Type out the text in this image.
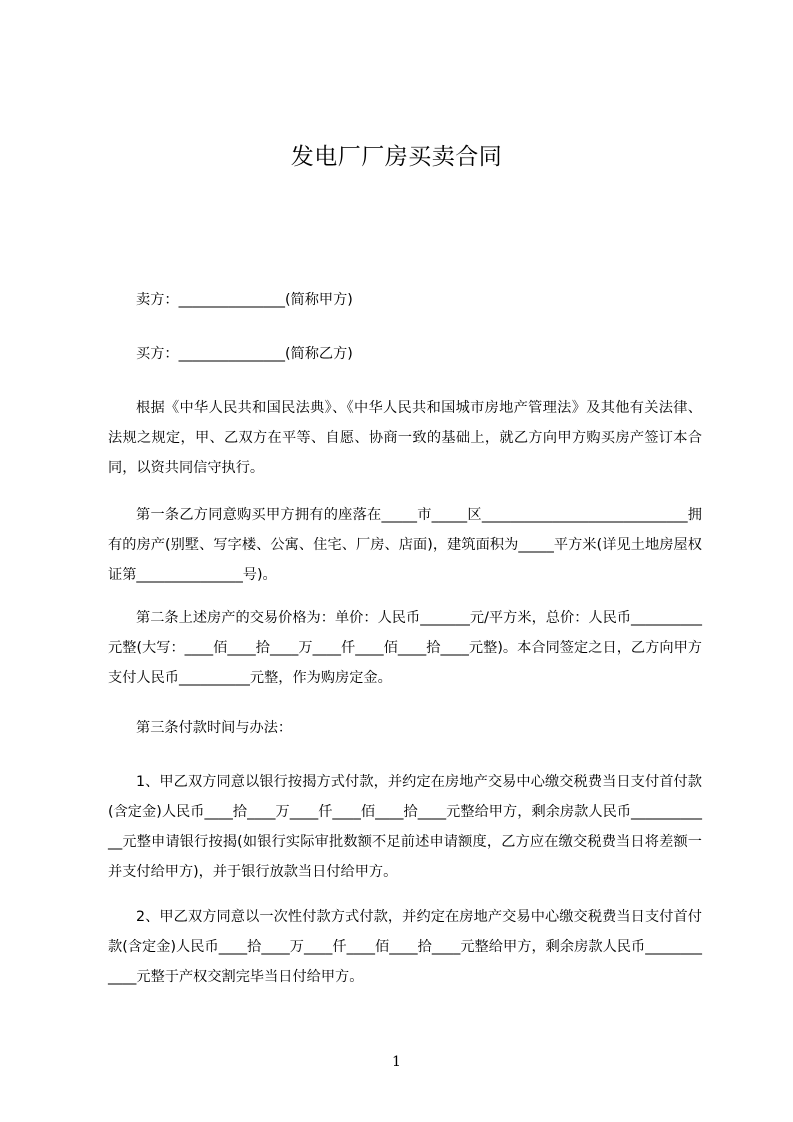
发电厂厂房买卖合同

卖方：_______________(简称甲方)

买方：_______________(简称乙方)

根据《中华人民共和国民法典》、《中华人民共和国城市房地产管理法》及其他有关法律、法规之规定，甲、乙双方在平等、自愿、协商一致的基础上，就乙方向甲方购买房产签订本合同，以资共同信守执行。

第一条乙方同意购买甲方拥有的座落在_____市_____区_____________________________拥有的房产(别墅、写字楼、公寓、住宅、厂房、店面)，建筑面积为_____平方米(详见土地房屋权证第_______________号)。

第二条上述房产的交易价格为：单价：人民币_______元/平方米，总价：人民币__________元整(大写：____佰____拾____万____仟____佰____拾____元整)。本合同签定之日，乙方向甲方支付人民币__________元整，作为购房定金。

第三条付款时间与办法：

1、甲乙双方同意以银行按揭方式付款，并约定在房地产交易中心缴交税费当日支付首付款(含定金)人民币____拾____万____仟____佰____拾____元整给甲方，剩余房款人民币____________元整申请银行按揭(如银行实际审批数额不足前述申请额度，乙方应在缴交税费当日将差额一并支付给甲方)，并于银行放款当日付给甲方。

2、甲乙双方同意以一次性付款方式付款，并约定在房地产交易中心缴交税费当日支付首付款(含定金)人民币____拾____万____仟____佰____拾____元整给甲方，剩余房款人民币____________元整于产权交割完毕当日付给甲方。

1
